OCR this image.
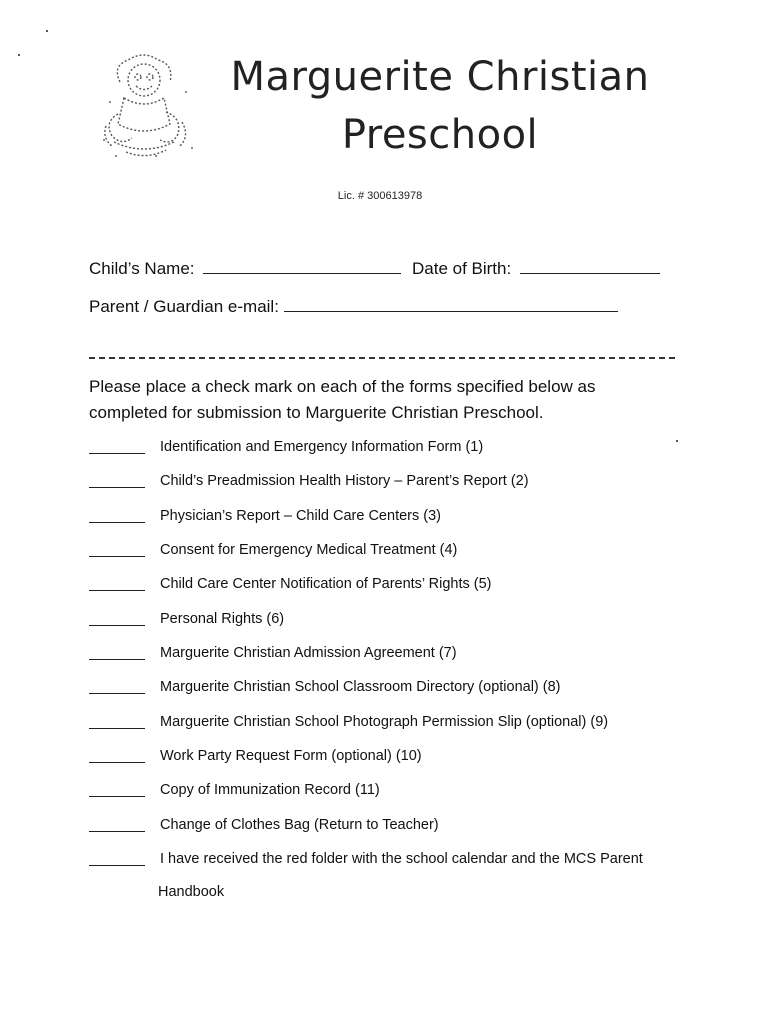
Marguerite Christian
Preschool
Lic. # 300613978
Child’s Name:	Date of Birth:
Parent / Guardian e-mail:
Please place a check mark on each of the forms specified below as completed for submission to Marguerite Christian Preschool.
Identification and Emergency Information Form (1)
Child’s Preadmission Health History – Parent’s Report (2)
Physician’s Report – Child Care Centers (3)
Consent for Emergency Medical Treatment (4)
Child Care Center Notification of Parents’ Rights (5)
Personal Rights (6)
Marguerite Christian Admission Agreement (7)
Marguerite Christian School Classroom Directory (optional) (8)
Marguerite Christian School Photograph Permission Slip (optional) (9)
Work Party Request Form (optional) (10)
Copy of Immunization Record (11)
Change of Clothes Bag (Return to Teacher)
I have received the red folder with the school calendar and the MCS Parent
Handbook
